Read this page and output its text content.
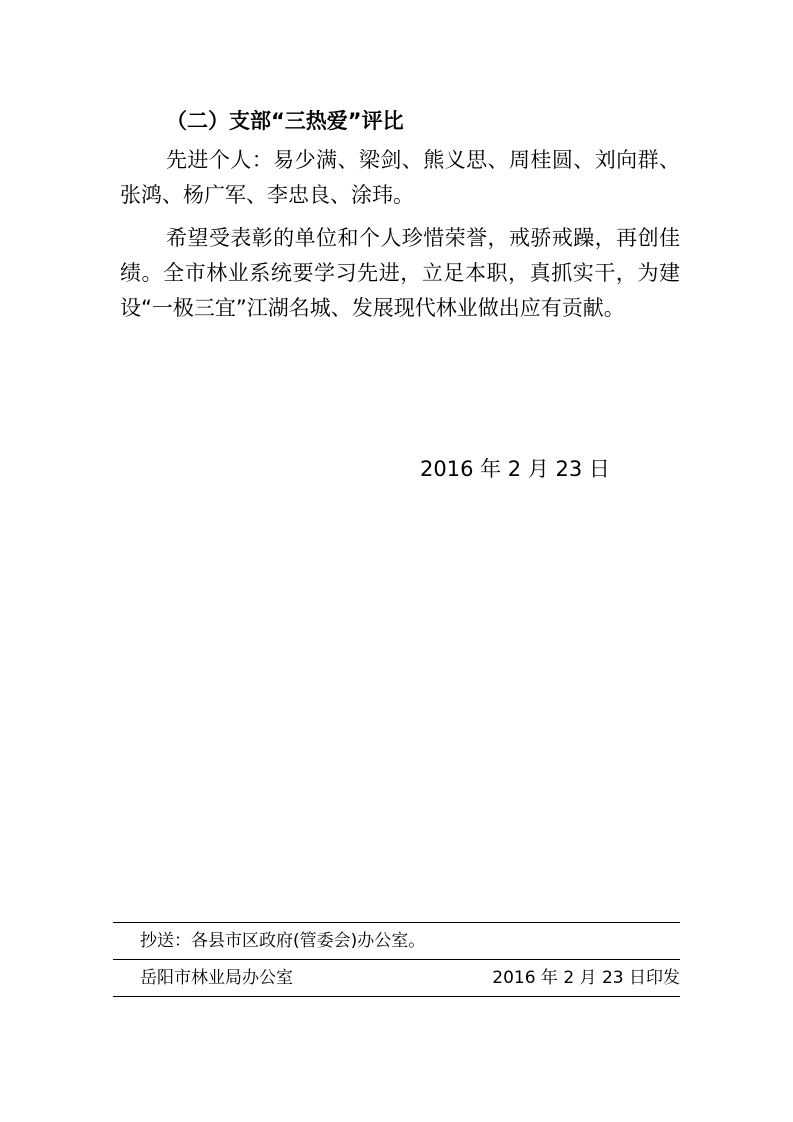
（二）支部“三热爱”评比
先进个人：易少满、梁剑、熊义思、周桂圆、刘向群、张鸿、杨广军、李忠良、涂玮。
希望受表彰的单位和个人珍惜荣誉，戒骄戒躁，再创佳绩。全市林业系统要学习先进，立足本职，真抓实干，为建设“一极三宜”江湖名城、发展现代林业做出应有贡献。
2016 年 2 月 23 日
抄送：各县市区政府(管委会)办公室。
岳阳市林业局办公室	2016 年 2 月 23 日印发
